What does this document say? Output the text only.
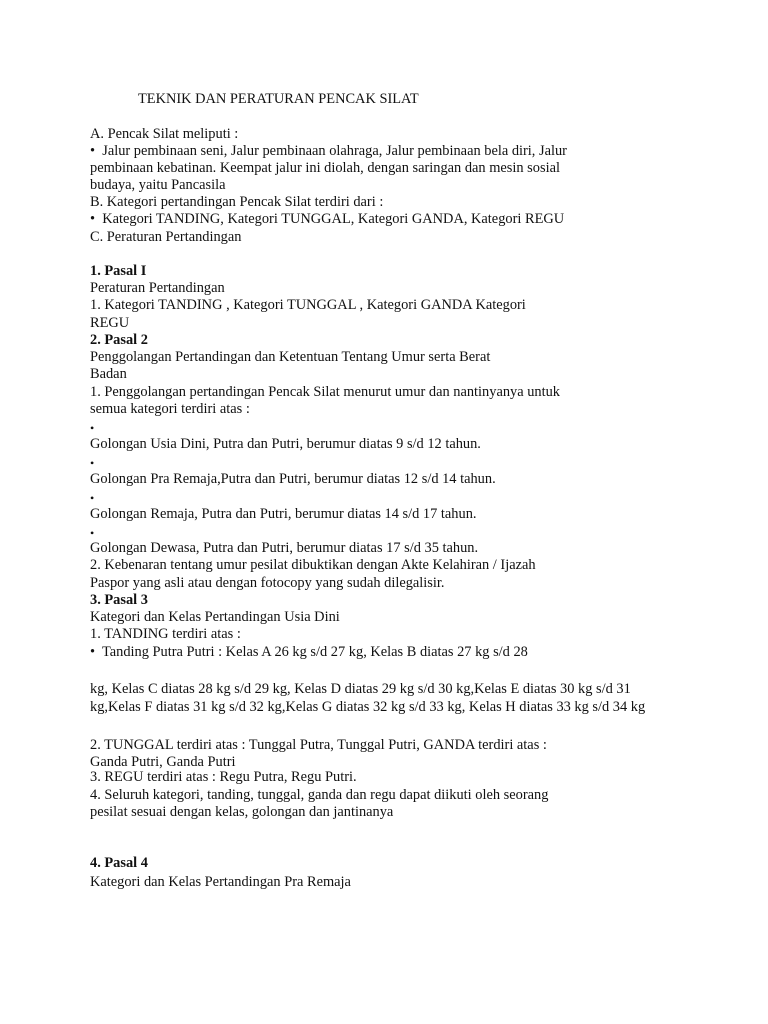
TEKNIK DAN PERATURAN PENCAK SILAT
A. Pencak Silat meliputi :
•  Jalur pembinaan seni, Jalur pembinaan olahraga, Jalur pembinaan bela diri, Jalur
pembinaan kebatinan. Keempat jalur ini diolah, dengan saringan dan mesin sosial
budaya, yaitu Pancasila
B. Kategori pertandingan Pencak Silat terdiri dari :
•  Kategori TANDING, Kategori TUNGGAL, Kategori GANDA, Kategori REGU
C. Peraturan Pertandingan
1. Pasal I
Peraturan Pertandingan
1. Kategori TANDING , Kategori TUNGGAL , Kategori GANDA Kategori
REGU
2. Pasal 2
Penggolangan Pertandingan dan Ketentuan Tentang Umur serta Berat
Badan
1. Penggolangan pertandingan Pencak Silat menurut umur dan nantinyanya untuk
semua kategori terdiri atas :
•
Golongan Usia Dini, Putra dan Putri, berumur diatas 9 s/d 12 tahun.
•
Golongan Pra Remaja,Putra dan Putri, berumur diatas 12 s/d 14 tahun.
•
Golongan Remaja, Putra dan Putri, berumur diatas 14 s/d 17 tahun.
•
Golongan Dewasa, Putra dan Putri, berumur diatas 17 s/d 35 tahun.
2. Kebenaran tentang umur pesilat dibuktikan dengan Akte Kelahiran / Ijazah
Paspor yang asli atau dengan fotocopy yang sudah dilegalisir.
3. Pasal 3
Kategori dan Kelas Pertandingan Usia Dini
1. TANDING terdiri atas :
•  Tanding Putra Putri : Kelas A 26 kg s/d 27 kg, Kelas B diatas 27 kg s/d 28
kg, Kelas C diatas 28 kg s/d 29 kg, Kelas D diatas 29 kg s/d 30 kg,Kelas E diatas 30 kg s/d 31
kg,Kelas F diatas 31 kg s/d 32 kg,Kelas G diatas 32 kg s/d 33 kg, Kelas H diatas 33 kg s/d 34 kg
2. TUNGGAL terdiri atas : Tunggal Putra, Tunggal Putri, GANDA terdiri atas :
Ganda Putri, Ganda Putri
3. REGU terdiri atas : Regu Putra, Regu Putri.
4. Seluruh kategori, tanding, tunggal, ganda dan regu dapat diikuti oleh seorang
pesilat sesuai dengan kelas, golongan dan jantinanya
4. Pasal 4
Kategori dan Kelas Pertandingan Pra Remaja
